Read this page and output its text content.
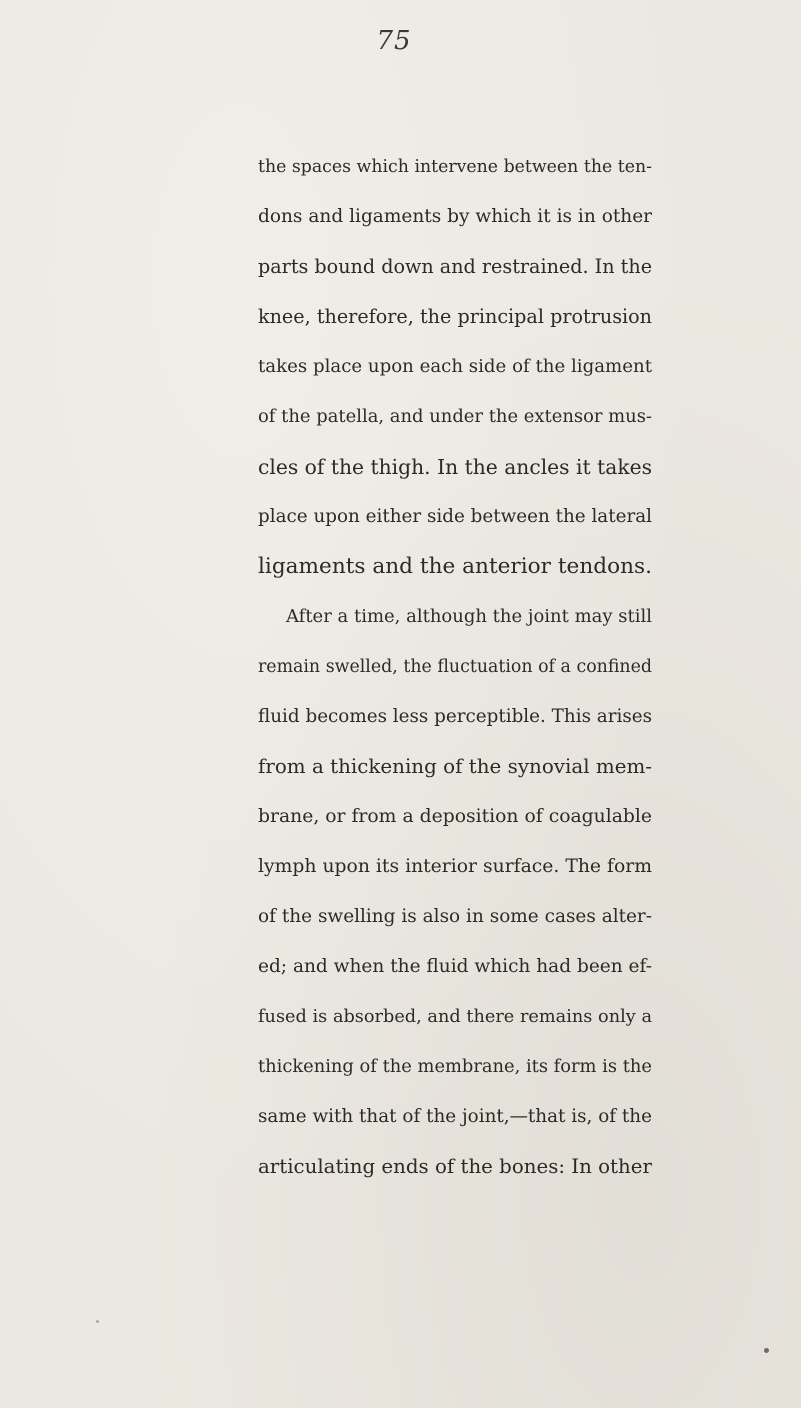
75
the spaces which intervene between the ten-
dons and ligaments by which it is in other
parts bound down and restrained. In the
knee, therefore, the principal protrusion
takes place upon each side of the ligament
of the patella, and under the extensor mus-
cles of the thigh. In the ancles it takes
place upon either side between the lateral
ligaments and the anterior tendons.
After a time, although the joint may still
remain swelled, the fluctuation of a confined
fluid becomes less perceptible. This arises
from a thickening of the synovial mem-
brane, or from a deposition of coagulable
lymph upon its interior surface. The form
of the swelling is also in some cases alter-
ed; and when the fluid which had been ef-
fused is absorbed, and there remains only a
thickening of the membrane, its form is the
same with that of the joint,—that is, of the
articulating ends of the bones: In other
